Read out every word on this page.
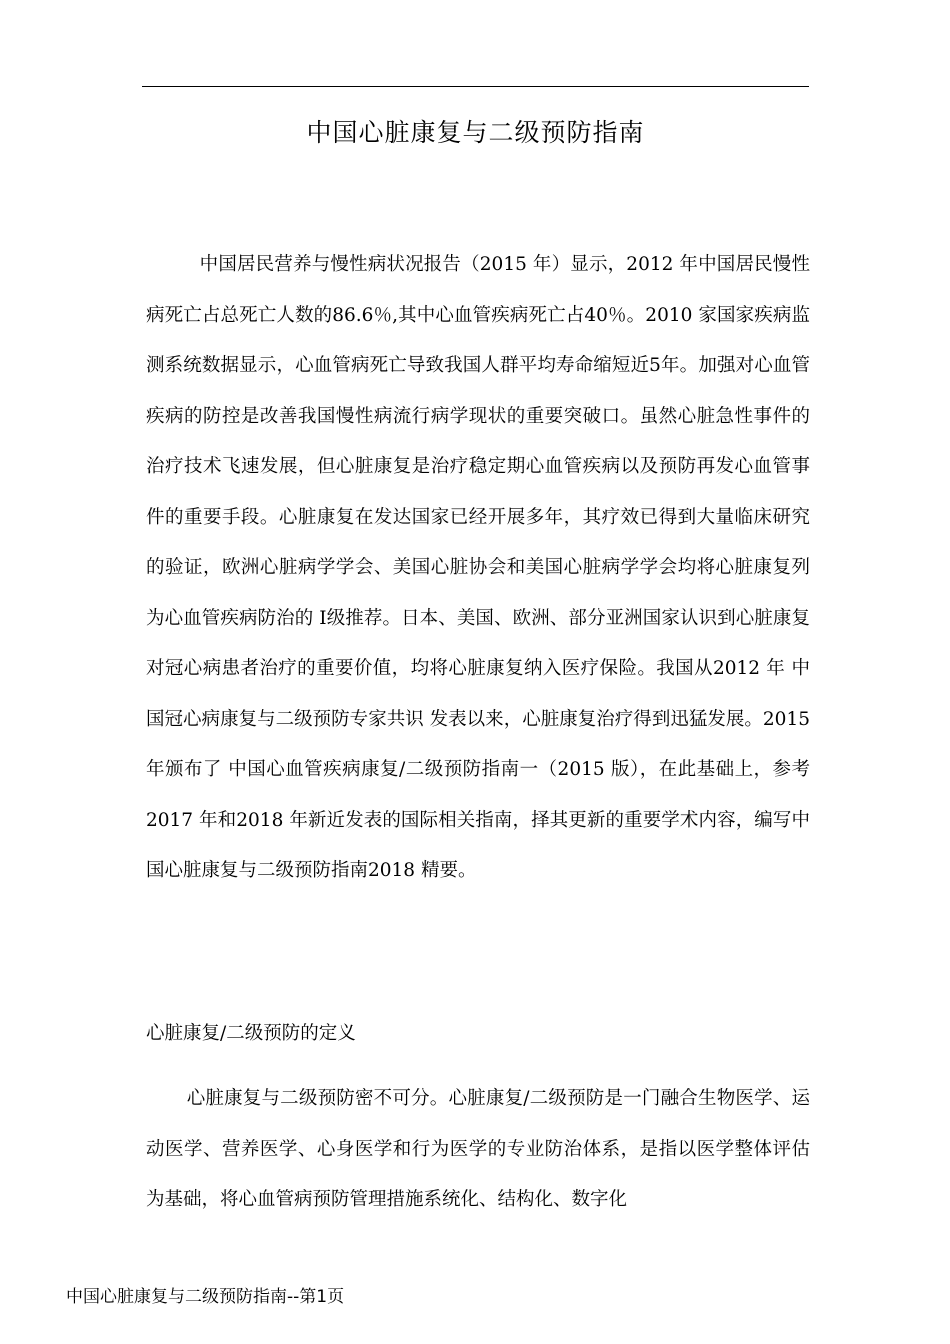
中国心脏康复与二级预防指南

中国居民营养与慢性病状况报告（2015 年）显示，2012 年中国居民慢性病死亡占总死亡人数的86.6％,其中心血管疾病死亡占40％。2010 家国家疾病监测系统数据显示，心血管病死亡导致我国人群平均寿命缩短近5年。加强对心血管疾病的防控是改善我国慢性病流行病学现状的重要突破口。虽然心脏急性事件的治疗技术飞速发展，但心脏康复是治疗稳定期心血管疾病以及预防再发心血管事件的重要手段。心脏康复在发达国家已经开展多年，其疗效已得到大量临床研究的验证，欧洲心脏病学学会、美国心脏协会和美国心脏病学学会均将心脏康复列为心血管疾病防治的 Ⅰ级推荐。日本、美国、欧洲、部分亚洲国家认识到心脏康复对冠心病患者治疗的重要价值，均将心脏康复纳入医疗保险。我国从2012 年 中国冠心病康复与二级预防专家共识 发表以来，心脏康复治疗得到迅猛发展。2015 年颁布了 中国心血管疾病康复/二级预防指南一（2015 版），在此基础上，参考2017 年和2018 年新近发表的国际相关指南，择其更新的重要学术内容，编写中国心脏康复与二级预防指南2018 精要。

心脏康复/二级预防的定义

心脏康复与二级预防密不可分。心脏康复/二级预防是一门融合生物医学、运动医学、营养医学、心身医学和行为医学的专业防治体系，是指以医学整体评估为基础，将心血管病预防管理措施系统化、结构化、数字化

中国心脏康复与二级预防指南--第1页
